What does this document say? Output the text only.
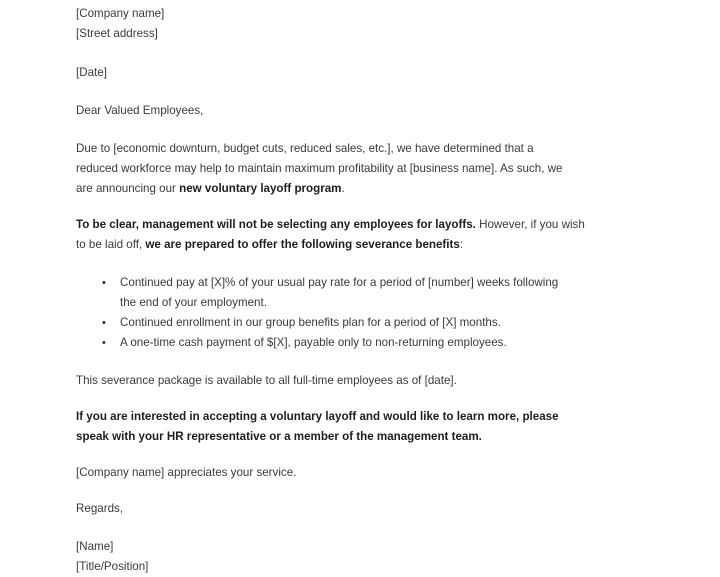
[Company name]
[Street address]
[Date]
Dear Valued Employees,
Due to [economic downturn, budget cuts, reduced sales, etc.], we have determined that a
reduced workforce may help to maintain maximum profitability at [business name]. As such, we
are announcing our new voluntary layoff program.
To be clear, management will not be selecting any employees for layoffs. However, if you wish
to be laid off, we are prepared to offer the following severance benefits:
• Continued pay at [X]% of your usual pay rate for a period of [number] weeks following
the end of your employment.
• Continued enrollment in our group benefits plan for a period of [X] months.
• A one-time cash payment of $[X], payable only to non-returning employees.
This severance package is available to all full-time employees as of [date].
If you are interested in accepting a voluntary layoff and would like to learn more, please
speak with your HR representative or a member of the management team.
[Company name] appreciates your service.
Regards,
[Name]
[Title/Position]
